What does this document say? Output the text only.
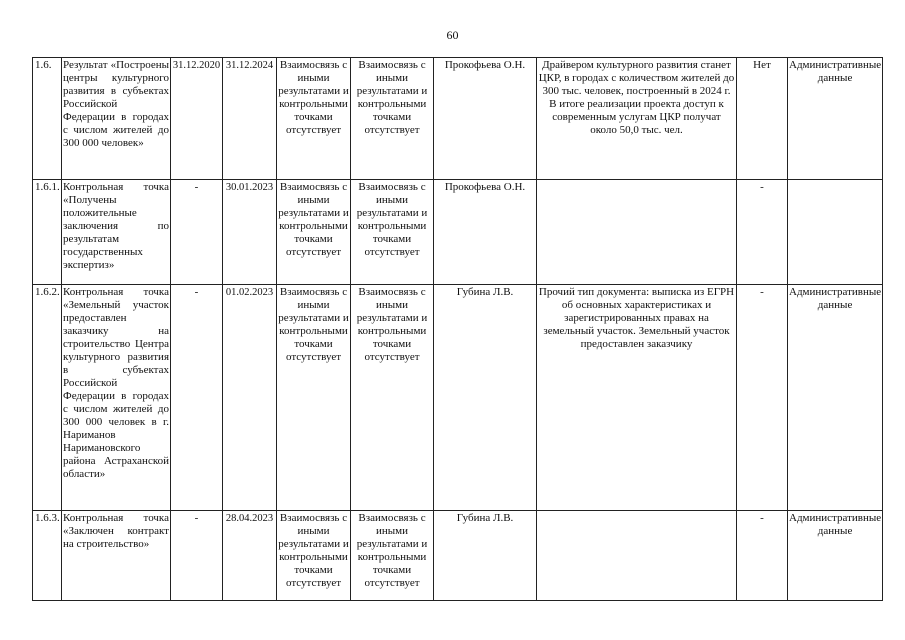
60
1.6.	Результат «Построены центры культурного развития в субъектах Российской Федерации в городах с числом жителей до 300 000 человек»	31.12.2020	31.12.2024	Взаимосвязь с иными результатами и контрольными точками отсутствует	Взаимосвязь с иными результатами и контрольными точками отсутствует	Прокофьева О.Н.	Драйвером культурного развития станет ЦКР, в городах с количеством жителей до 300 тыс. человек, построенный в 2024 г. В итоге реализации проекта доступ к современным услугам ЦКР получат около 50,0 тыс. чел.	Нет	Административные данные
1.6.1.	Контрольная точка «Получены положительные заключения по результатам государственных экспертиз»	-	30.01.2023	Взаимосвязь с иными результатами и контрольными точками отсутствует	Взаимосвязь с иными результатами и контрольными точками отсутствует	Прокофьева О.Н.		-	
1.6.2.	Контрольная точка «Земельный участок предоставлен заказчику на строительство Центра культурного развития в субъектах Российской Федерации в городах с числом жителей до 300 000 человек в г. Нариманов Наримановского района Астраханской области»	-	01.02.2023	Взаимосвязь с иными результатами и контрольными точками отсутствует	Взаимосвязь с иными результатами и контрольными точками отсутствует	Губина Л.В.	Прочий тип документа: выписка из ЕГРН об основных характеристиках и зарегистрированных правах на земельный участок. Земельный участок предоставлен заказчику	-	Административные данные
1.6.3.	Контрольная точка «Заключен контракт на строительство»	-	28.04.2023	Взаимосвязь с иными результатами и контрольными точками отсутствует	Взаимосвязь с иными результатами и контрольными точками отсутствует	Губина Л.В.		-	Административные данные
